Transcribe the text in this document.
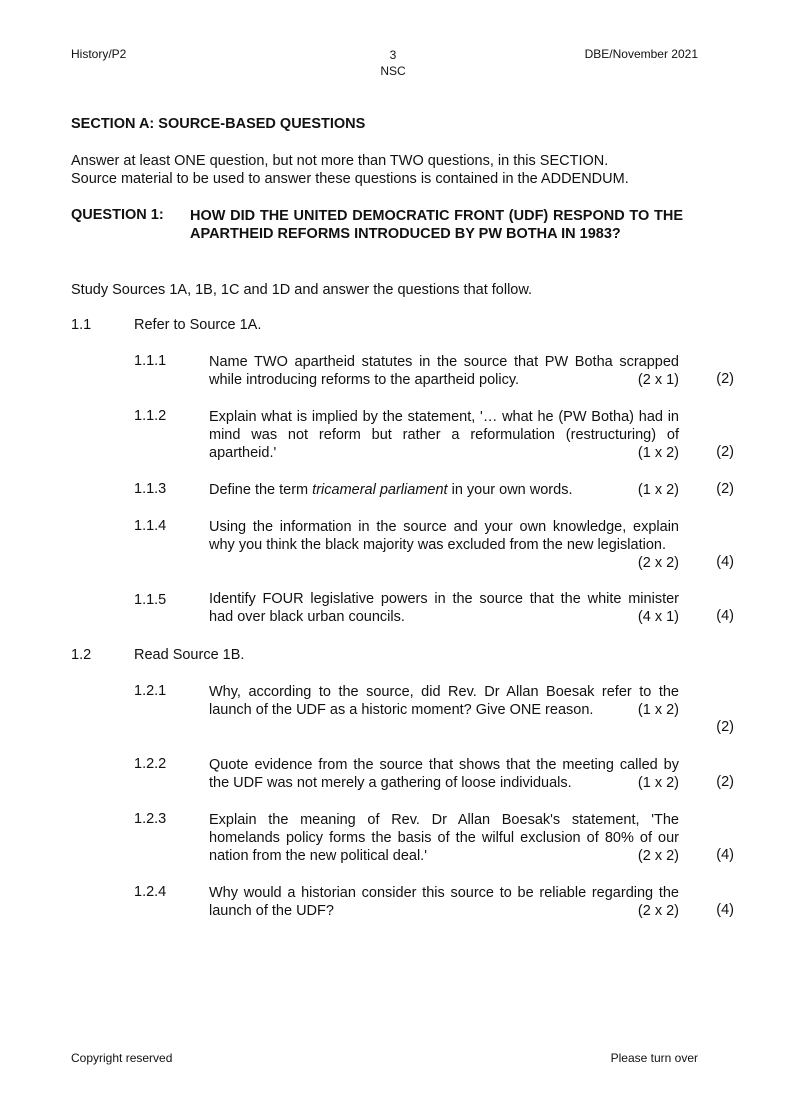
History/P2	3
NSC
DBE/November 2021
SECTION A: SOURCE-BASED QUESTIONS
Answer at least ONE question, but not more than TWO questions, in this SECTION.
Source material to be used to answer these questions is contained in the ADDENDUM.
QUESTION 1: HOW DID THE UNITED DEMOCRATIC FRONT (UDF) RESPOND TO THE APARTHEID REFORMS INTRODUCED BY PW BOTHA IN 1983?
Study Sources 1A, 1B, 1C and 1D and answer the questions that follow.
1.1	Refer to Source 1A.
1.1.1	Name TWO apartheid statutes in the source that PW Botha scrapped while introducing reforms to the apartheid policy.	(2 x 1)	(2)
1.1.2	Explain what is implied by the statement, '… what he (PW Botha) had in mind was not reform but rather a reformulation (restructuring) of apartheid.'	(1 x 2)	(2)
1.1.3	Define the term tricameral parliament in your own words.	(1 x 2)	(2)
1.1.4	Using the information in the source and your own knowledge, explain why you think the black majority was excluded from the new legislation.
(2 x 2)	(4)
1.1.5	Identify FOUR legislative powers in the source that the white minister had over black urban councils.	(4 x 1)	(4)
1.2	Read Source 1B.
1.2.1	Why, according to the source, did Rev. Dr Allan Boesak refer to the launch of the UDF as a historic moment? Give ONE reason.	(1 x 2)
(2)
1.2.2	Quote evidence from the source that shows that the meeting called by the UDF was not merely a gathering of loose individuals.	(1 x 2)	(2)
1.2.3	Explain the meaning of Rev. Dr Allan Boesak's statement, 'The homelands policy forms the basis of the wilful exclusion of 80% of our nation from the new political deal.'	(2 x 2)	(4)
1.2.4	Why would a historian consider this source to be reliable regarding the launch of the UDF?	(2 x 2)	(4)
Copyright reserved	Please turn over
